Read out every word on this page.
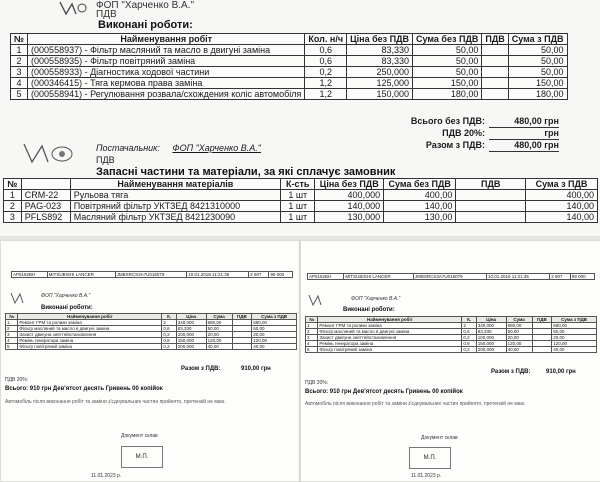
ФОП "Харченко В.А."
ПДВ
Виконані роботи:
№	Найменування робіт	Кол. н/ч	Ціна без ПДВ	Сума без ПДВ	ПДВ	Сума з ПДВ
1	(000558937) - Фільтр масляний та масло в двигуні заміна	0,6	83,330	50,00		50,00
2	(000558935) - Фільтр повітряний заміна	0,6	83,330	50,00		50,00
3	(000558933) - Діагностика ходової частини	0,2	250,000	50,00		50,00
4	(000346415) - Тяга кермова права заміна	1,2	125,000	150,00		150,00
5	(000558941) - Регулювання розвала/схождения колiс автомобiля	1,2	150,000	180,00		180,00
Всього без ПДВ:	480,00 грн
ПДВ 20%:	грн
Разом з ПДВ:	480,00 грн
Постачальник: ФОП "Харченко В.А."
ПДВ
Запасні частини та матеріали, за які сплачує замовник
№		Найменування матеріалів	К-сть	Ціна без ПДВ	Сума без ПДВ	ПДВ	Сума з ПДВ
1	CRM-22	Рульова тяга	1 шт	400,000	400,00		400,00
2	PAG-023	Повітряний фільтр УКТЗЕД 8421310000	1 шт	140,000	140,00		140,00
3	PFLS892	Масляний фільтр УКТЗЕД 8421230090	1 шт	130,000	130,00		140,00
AP5182BH	MITSUBISHI LANCER	JMBSRCS3A7U015079	10.01.2018 11:21:35	2 907	99 000
ФОП "Харченко В.А."
Виконані роботи:
№	Найменування робіт	К.	Ціна	Сума	ПДВ	Сума з ПДВ
1	Ремонт ГРМ та ролики заміна	2	340,000	680,00		680,00
2	Фільтр масляний та масло в двигуні заміна	0,6	83,330	50,00		50,00
3	Захист двигуна зняття/встановлення	0,2	100,000	20,00		20,00
4	Ремінь генератора заміна	0,8	150,000	120,00		120,00
5	Фільтр повітряний заміна	0,2	200,000	40,00		40,00
Разом з ПДВ:	910,00 грн
ПДВ 20%:
Всього: 910 грн Дев'ятсот десять Гривень 00 копійок
Автомобіль після виконання робіт та заміни з'єднувальних частин прийнято, претензій не маю.
Документ склав
М.П.
11.01.2023 р.
AP5182BH	MITSUBISHI LANCER	JMBSRCS3A7U015079	10.01.2018 11:21:35	2 907	99 000
ФОП "Харченко В.А."
Виконані роботи:
№	Найменування робіт	К.	Ціна	Сума	ПДВ	Сума з ПДВ
1	Ремонт ГРМ та ролики заміна	2	340,000	680,00		680,00
2	Фільтр масляний та масло в двигуні заміна	0,6	83,330	50,00		50,00
3	Захист двигуна зняття/встановлення	0,2	100,000	20,00		20,00
4	Ремінь генератора заміна	0,8	150,000	120,00		120,00
5	Фільтр повітряний заміна	0,2	200,000	40,00		40,00
Разом з ПДВ:	910,00 грн
ПДВ 20%:
Всього: 910 грн Дев'ятсот десять Гривень 00 копійок
Автомобіль після виконання робіт та заміни з'єднувальних частин прийнято, претензій не маю.
Документ склав
М.П.
11.01.2023 р.
